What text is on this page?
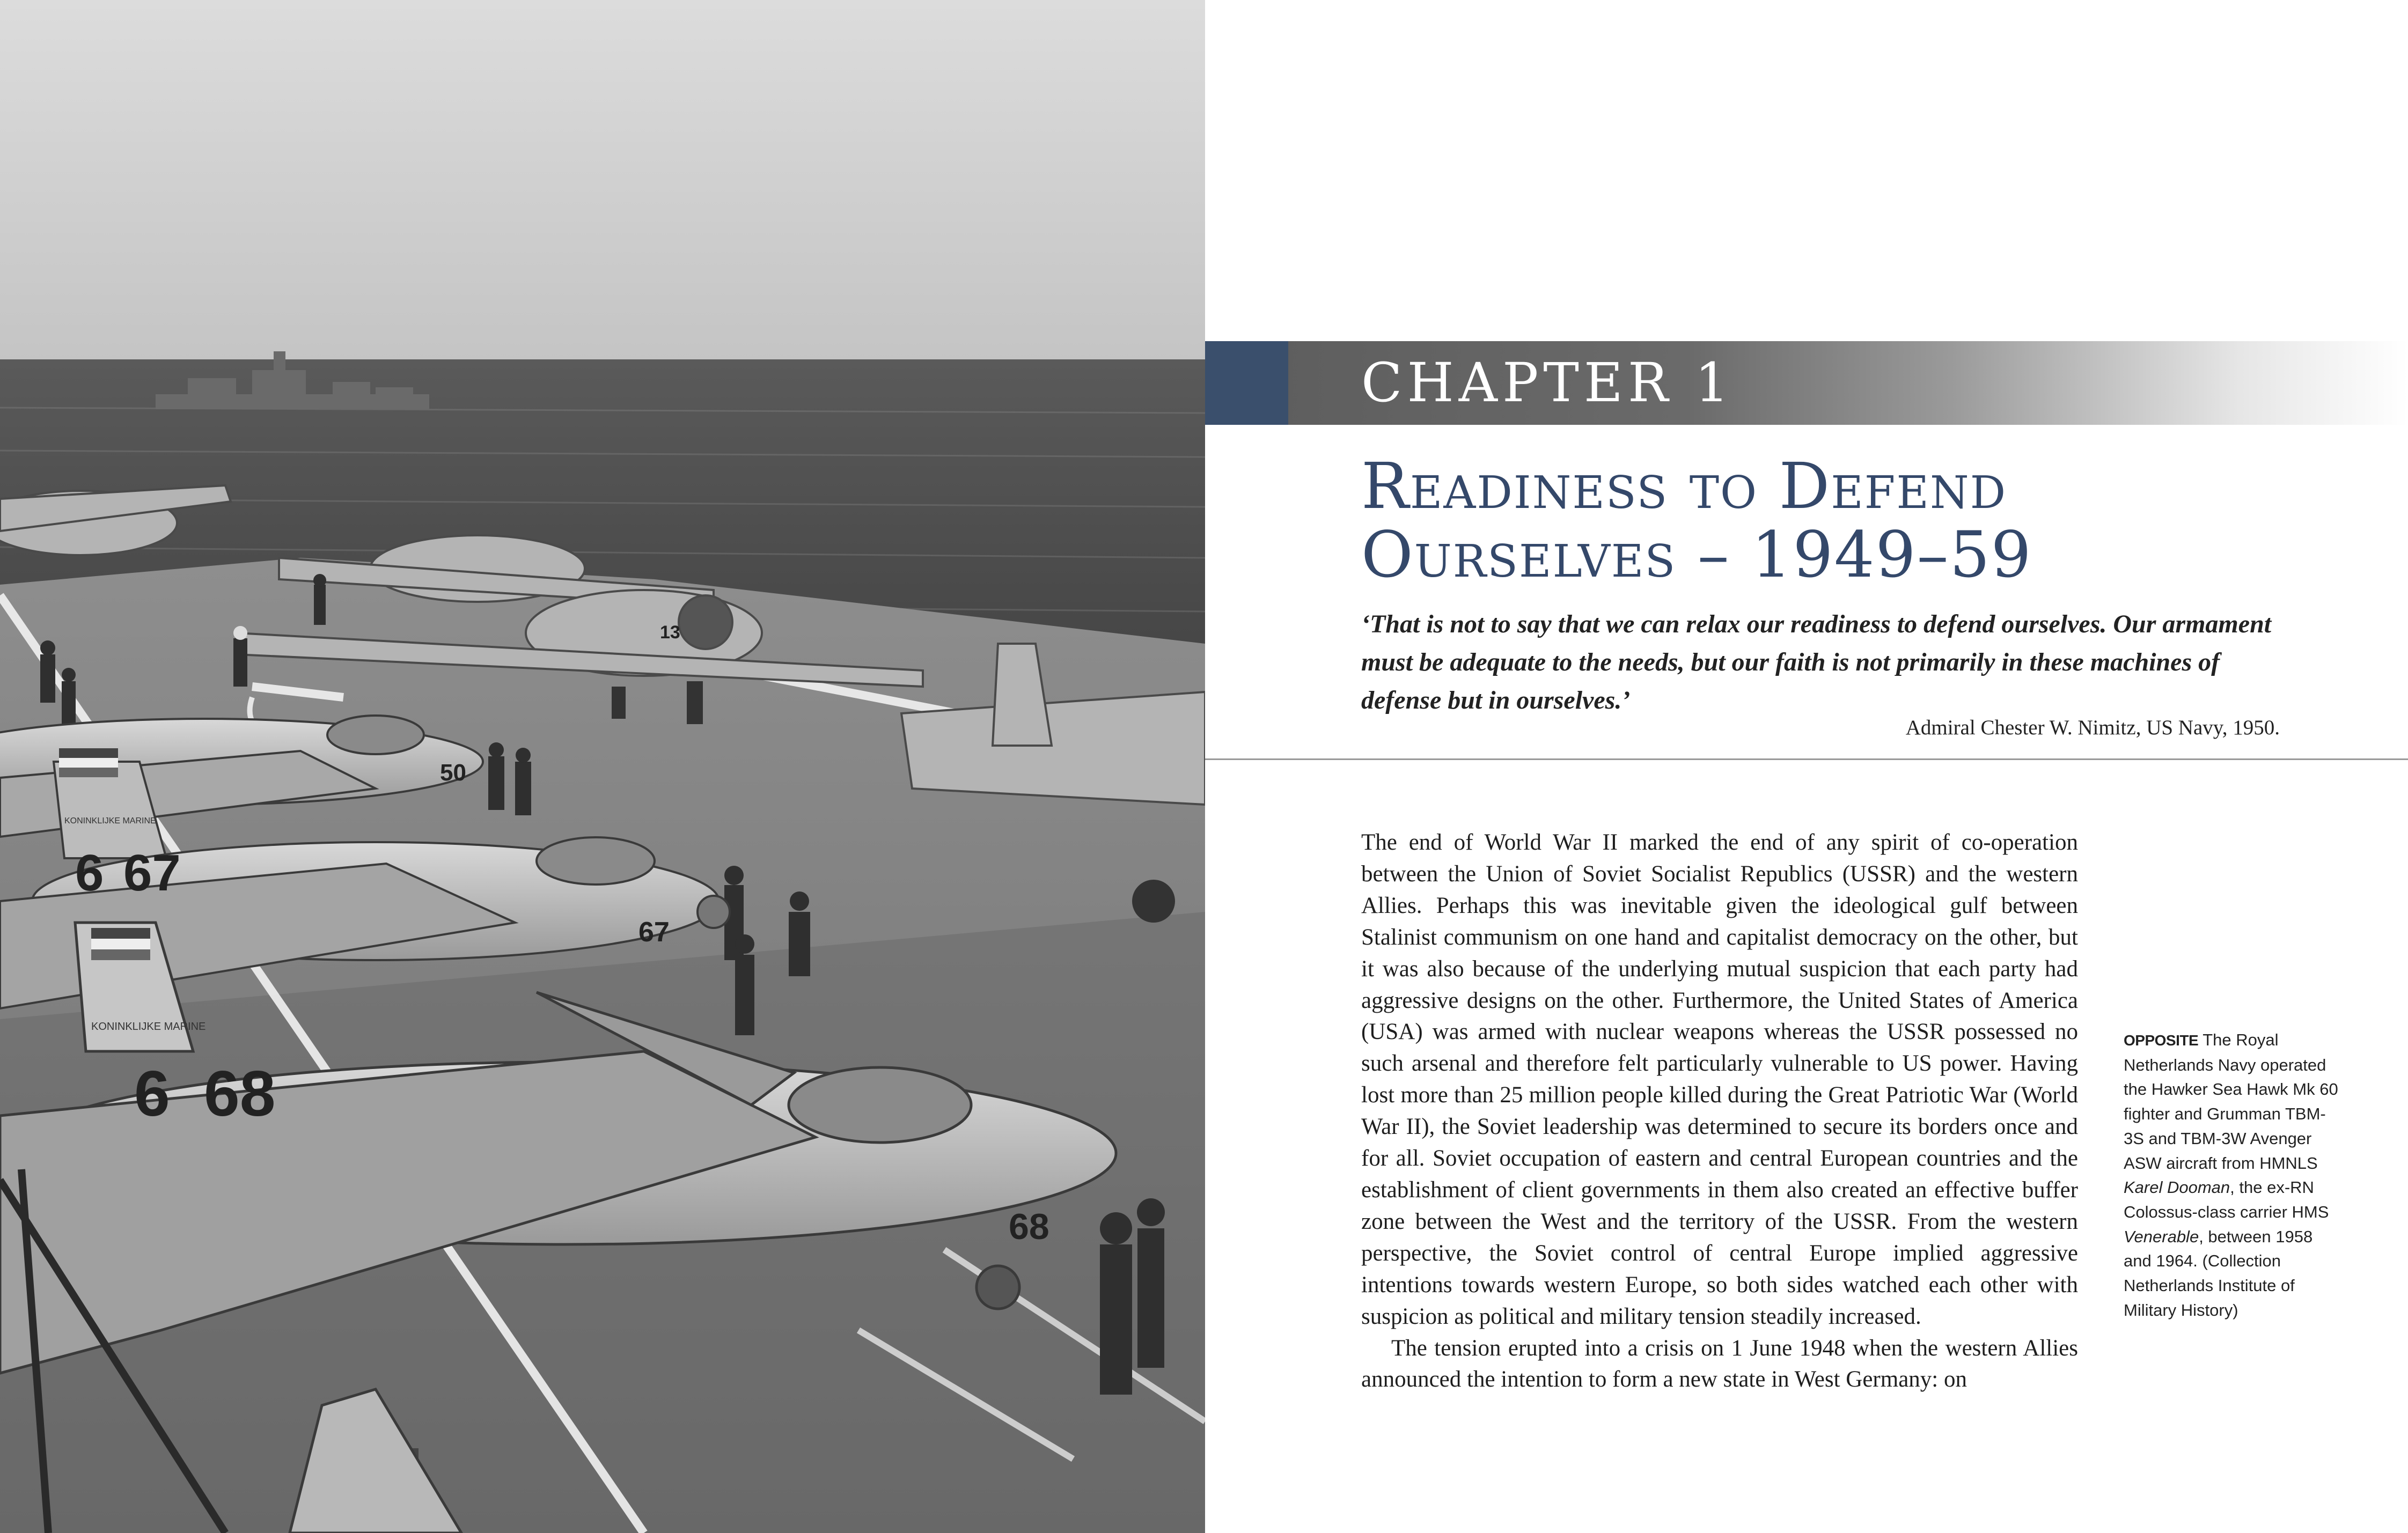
50
6 67
67
6 68
68
13
KONINKLIJKE MARINE
KONINKLIJKE MARINE
CHAPTER 1
Readiness to Defend
Ourselves – 1949–59
‘That is not to say that we can relax our readiness to defend ourselves. Our armament must be adequate to the needs, but our faith is not primarily in these machines of defense but in ourselves.’
Admiral Chester W. Nimitz, US Navy, 1950.

The end of World War II marked the end of any spirit of co-operation between the Union of Soviet Socialist Republics (USSR) and the western Allies. Perhaps this was inevitable given the ideological gulf between Stalinist communism on one hand and capitalist democracy on the other, but it was also because of the underlying mutual suspicion that each party had aggressive designs on the other. Furthermore, the United States of America (USA) was armed with nuclear weapons whereas the USSR possessed no such arsenal and therefore felt particularly vulnerable to US power. Having lost more than 25 million people killed during the Great Patriotic War (World War II), the Soviet leadership was determined to secure its borders once and for all. Soviet occupation of eastern and central European countries and the establishment of client governments in them also created an effective buffer zone between the West and the territory of the USSR. From the western perspective, the Soviet control of central Europe implied aggressive intentions towards western Europe, so both sides watched each other with suspicion as political and military tension steadily increased.

The tension erupted into a crisis on 1 June 1948 when the western Allies announced the intention to form a new state in West Germany: on

OPPOSITE The Royal Netherlands Navy operated the Hawker Sea Hawk Mk 60 fighter and Grumman TBM-3S and TBM-3W Avenger ASW aircraft from HMNLS Karel Dooman, the ex-RN Colossus-class carrier HMS Venerable, between 1958 and 1964. (Collection Netherlands Institute of Military History)
